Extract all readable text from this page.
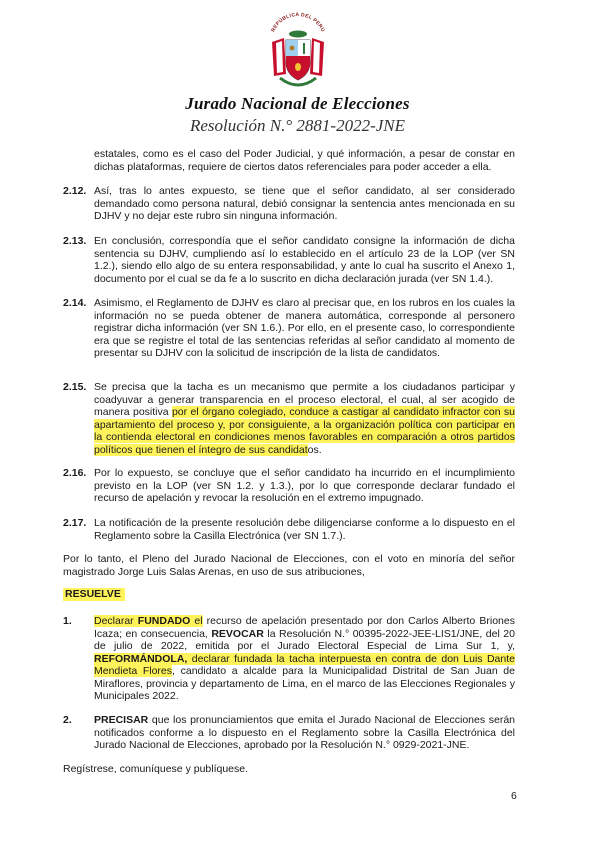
REPÚBLICA DEL PERÚ
Jurado Nacional de Elecciones
Resolución N.° 2881-2022-JNE
estatales, como es el caso del Poder Judicial, y qué información, a pesar de constar en dichas plataformas, requiere de ciertos datos referenciales para poder acceder a ella.
2.12. Así, tras lo antes expuesto, se tiene que el señor candidato, al ser considerado demandado como persona natural, debió consignar la sentencia antes mencionada en su DJHV y no dejar este rubro sin ninguna información.
2.13. En conclusión, correspondía que el señor candidato consigne la información de dicha sentencia su DJHV, cumpliendo así lo establecido en el artículo 23 de la LOP (ver SN 1.2.), siendo ello algo de su entera responsabilidad, y ante lo cual ha suscrito el Anexo 1, documento por el cual se da fe a lo suscrito en dicha declaración jurada (ver SN 1.4.).
2.14. Asimismo, el Reglamento de DJHV es claro al precisar que, en los rubros en los cuales la información no se pueda obtener de manera automática, corresponde al personero registrar dicha información (ver SN 1.6.). Por ello, en el presente caso, lo correspondiente era que se registre el total de las sentencias referidas al señor candidato al momento de presentar su DJHV con la solicitud de inscripción de la lista de candidatos.
2.15. Se precisa que la tacha es un mecanismo que permite a los ciudadanos participar y coadyuvar a generar transparencia en el proceso electoral, el cual, al ser acogido de manera positiva por el órgano colegiado, conduce a castigar al candidato infractor con su apartamiento del proceso y, por consiguiente, a la organización política con participar en la contienda electoral en condiciones menos favorables en comparación a otros partidos políticos que tienen el íntegro de sus candidatos.
2.16. Por lo expuesto, se concluye que el señor candidato ha incurrido en el incumplimiento previsto en la LOP (ver SN 1.2. y 1.3.), por lo que corresponde declarar fundado el recurso de apelación y revocar la resolución en el extremo impugnado.
2.17. La notificación de la presente resolución debe diligenciarse conforme a lo dispuesto en el Reglamento sobre la Casilla Electrónica (ver SN 1.7.).
Por lo tanto, el Pleno del Jurado Nacional de Elecciones, con el voto en minoría del señor magistrado Jorge Luis Salas Arenas, en uso de sus atribuciones,
RESUELVE
1. Declarar FUNDADO el recurso de apelación presentado por don Carlos Alberto Briones Icaza; en consecuencia, REVOCAR la Resolución N.° 00395-2022-JEE-LIS1/JNE, del 20 de julio de 2022, emitida por el Jurado Electoral Especial de Lima Sur 1, y, REFORMÁNDOLA, declarar fundada la tacha interpuesta en contra de don Luis Dante Mendieta Flores, candidato a alcalde para la Municipalidad Distrital de San Juan de Miraflores, provincia y departamento de Lima, en el marco de las Elecciones Regionales y Municipales 2022.
2. PRECISAR que los pronunciamientos que emita el Jurado Nacional de Elecciones serán notificados conforme a lo dispuesto en el Reglamento sobre la Casilla Electrónica del Jurado Nacional de Elecciones, aprobado por la Resolución N.° 0929-2021-JNE.
Regístrese, comuníquese y publíquese.
6
